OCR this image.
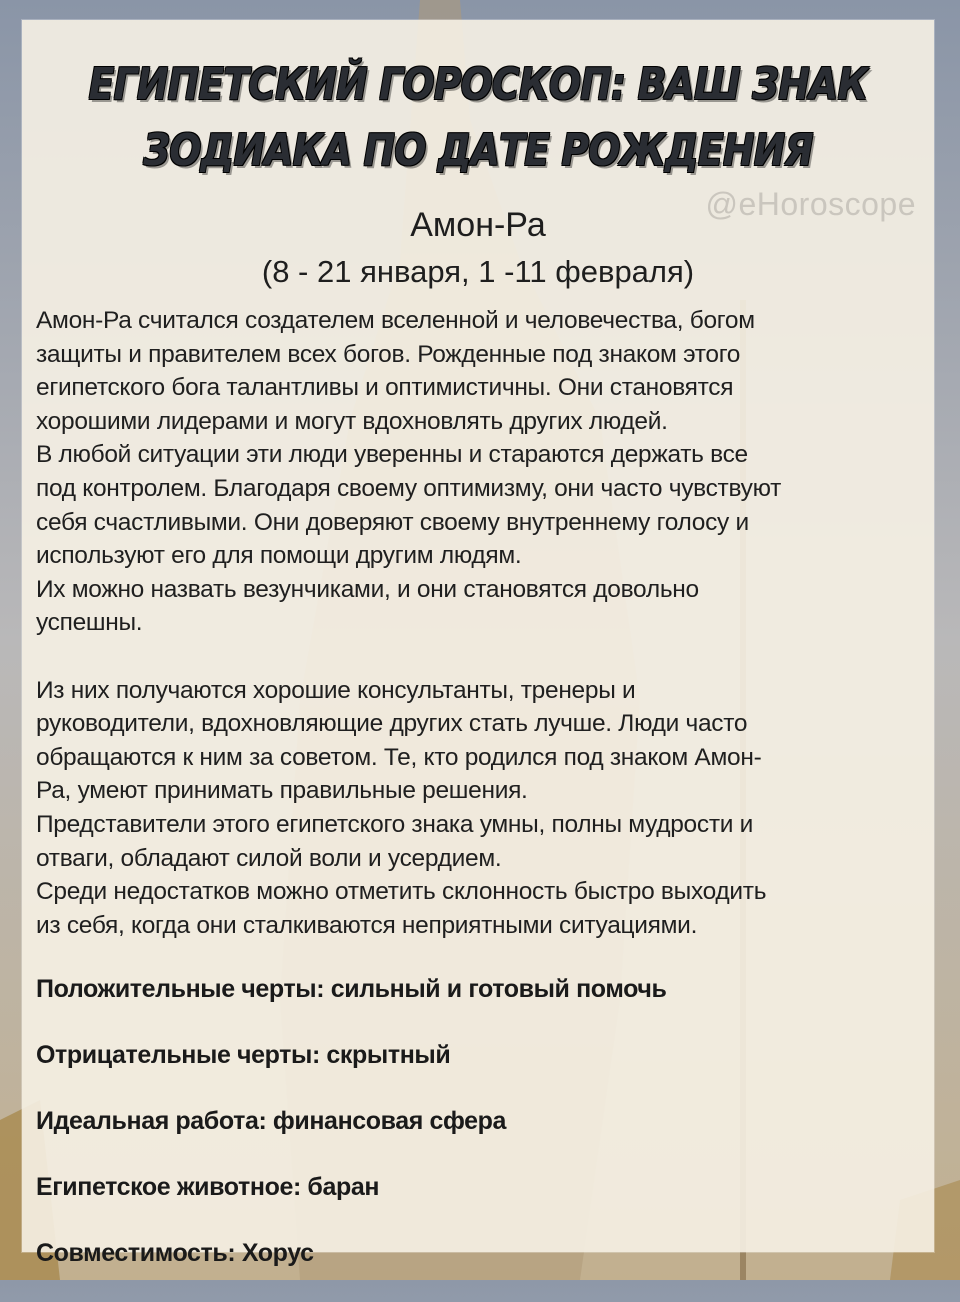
ЕГИПЕТСКИЙ ГОРОСКОП: ВАШ ЗНАК
ЗОДИАКА ПО ДАТЕ РОЖДЕНИЯ
@eHoroscope
Амон-Ра
(8 - 21 января, 1 -11 февраля)

Амон-Ра считался создателем вселенной и человечества, богом
защиты и правителем всех богов. Рожденные под знаком этого
египетского бога талантливы и оптимистичны. Они становятся
хорошими лидерами и могут вдохновлять других людей.
В любой ситуации эти люди уверенны и стараются держать все
под контролем. Благодаря своему оптимизму, они часто чувствуют
себя счастливыми. Они доверяют своему внутреннему голосу и
используют его для помощи другим людям.
Их можно назвать везунчиками, и они становятся довольно
успешны.

Из них получаются хорошие консультанты, тренеры и
руководители, вдохновляющие других стать лучше. Люди часто
обращаются к ним за советом. Те, кто родился под знаком Амон-
Ра, умеют принимать правильные решения.
Представители этого египетского знака умны, полны мудрости и
отваги, обладают силой воли и усердием.
Среди недостатков можно отметить склонность быстро выходить
из себя, когда они сталкиваются неприятными ситуациями.

Положительные черты: сильный и готовый помочь
Отрицательные черты: скрытный
Идеальная работа: финансовая сфера
Египетское животное: баран
Совместимость: Хорус
